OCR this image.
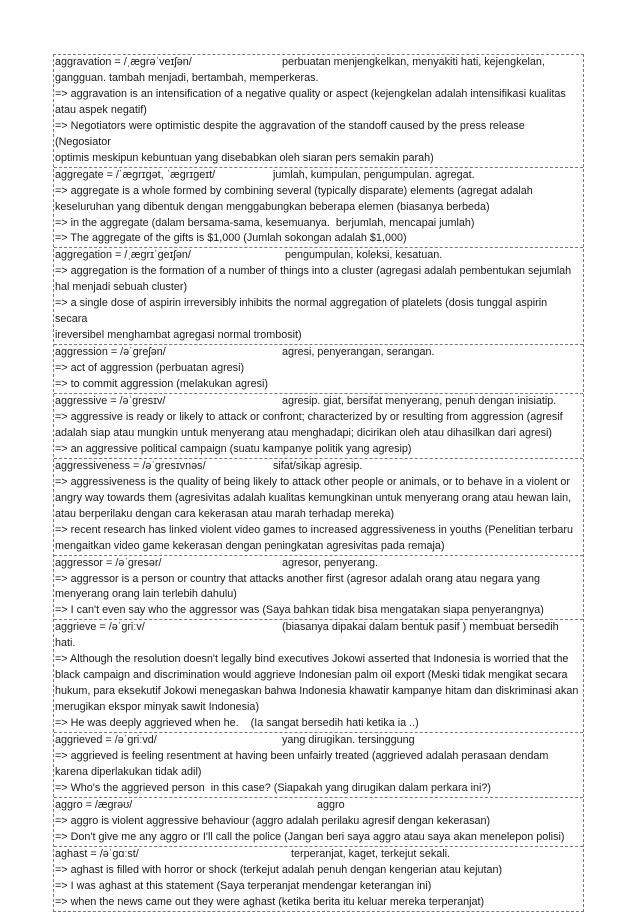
aggravation = /ˌæɡrəˈveɪʃən/	perbuatan menjengkelkan, menyakiti hati, kejengkelan,
gangguan. tambah menjadi, bertambah, memperkeras.
=> aggravation is an intensification of a negative quality or aspect (kejengkelan adalah intensifikasi kualitas
atau aspek negatif)
=> Negotiators were optimistic despite the aggravation of the standoff caused by the press release
(Negosiator
optimis meskipun kebuntuan yang disebabkan oleh siaran pers semakin parah)
aggregate = /ˈæɡrɪɡət, ˈæɡrɪɡeɪt/	jumlah, kumpulan, pengumpulan. agregat.
=> aggregate is a whole formed by combining several (typically disparate) elements (agregat adalah
keseluruhan yang dibentuk dengan menggabungkan beberapa elemen (biasanya berbeda)
=> in the aggregate (dalam bersama-sama, kesemuanya.  berjumlah, mencapai jumlah)
=> The aggregate of the gifts is $1,000 (Jumlah sokongan adalah $1,000)
aggregation = /ˌæɡrɪˈɡeɪʃən/	pengumpulan, koleksi, kesatuan.
=> aggregation is the formation of a number of things into a cluster (agregasi adalah pembentukan sejumlah
hal menjadi sebuah cluster)
=> a single dose of aspirin irreversibly inhibits the normal aggregation of platelets (dosis tunggal aspirin
secara
ireversibel menghambat agregasi normal trombosit)
aggression = /əˈɡreʃən/	agresi, penyerangan, serangan.
=> act of aggression (perbuatan agresi)
=> to commit aggression (melakukan agresi)
aggressive = /əˈɡresɪv/	agresip. giat, bersifat menyerang, penuh dengan inisiatip.
=> aggressive is ready or likely to attack or confront; characterized by or resulting from aggression (agresif
adalah siap atau mungkin untuk menyerang atau menghadapi; dicirikan oleh atau dihasilkan dari agresi)
=> an aggressive political campaign (suatu kampanye politik yang agresip)
aggressiveness = /əˈɡresɪvnəs/	sifat/sikap agresip.
=> aggressiveness is the quality of being likely to attack other people or animals, or to behave in a violent or
angry way towards them (agresivitas adalah kualitas kemungkinan untuk menyerang orang atau hewan lain,
atau berperilaku dengan cara kekerasan atau marah terhadap mereka)
=> recent research has linked violent video games to increased aggressiveness in youths (Penelitian terbaru
mengaitkan video game kekerasan dengan peningkatan agresivitas pada remaja)
aggressor = /əˈɡresər/	agresor, penyerang.
=> aggressor is a person or country that attacks another first (agresor adalah orang atau negara yang
menyerang orang lain terlebih dahulu)
=> I can't even say who the aggressor was (Saya bahkan tidak bisa mengatakan siapa penyerangnya)
aggrieve = /əˈɡriːv/	(biasanya dipakai dalam bentuk pasif ) membuat bersedih
hati.
=> Although the resolution doesn't legally bind executives Jokowi asserted that Indonesia is worried that the
black campaign and discrimination would aggrieve Indonesian palm oil export (Meski tidak mengikat secara
hukum, para eksekutif Jokowi menegaskan bahwa Indonesia khawatir kampanye hitam dan diskriminasi akan
merugikan ekspor minyak sawit Indonesia)
=> He was deeply aggrieved when he.    (Ia sangat bersedih hati ketika ia ..)
aggrieved = /əˈɡriːvd/	yang dirugikan. tersinggung
=> aggrieved is feeling resentment at having been unfairly treated (aggrieved adalah perasaan dendam
karena diperlakukan tidak adil)
=> Who's the aggrieved person  in this case? (Siapakah yang dirugikan dalam perkara ini?)
aggro = /æɡrəʊ/	aggro
=> aggro is violent aggressive behaviour (aggro adalah perilaku agresif dengan kekerasan)
=> Don't give me any aggro or I'll call the police (Jangan beri saya aggro atau saya akan menelepon polisi)
aghast = /əˈɡɑːst/	terperanjat, kaget, terkejut sekali.
=> aghast is filled with horror or shock (terkejut adalah penuh dengan kengerian atau kejutan)
=> I was aghast at this statement (Saya terperanjat mendengar keterangan ini)
=> when the news came out they were aghast (ketika berita itu keluar mereka terperanjat)
